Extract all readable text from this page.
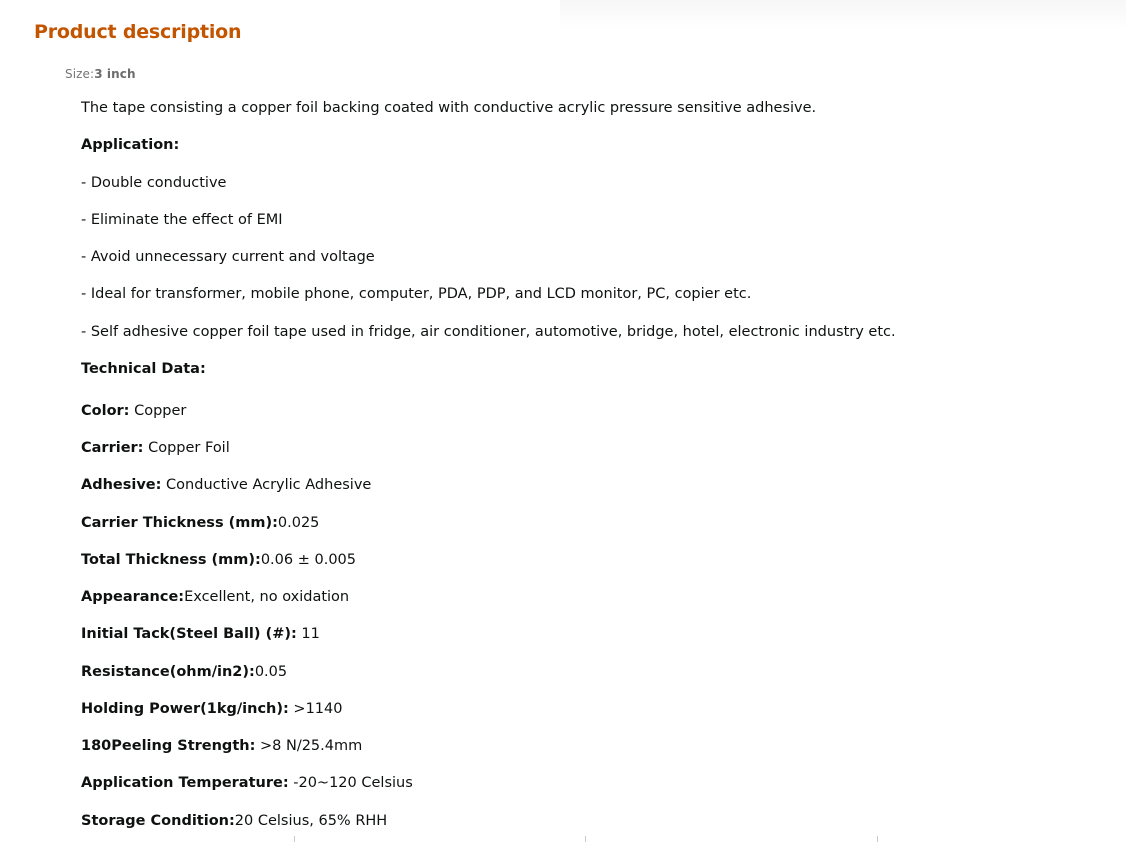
Product description
Size:3 inch

The tape consisting a copper foil backing coated with conductive acrylic pressure sensitive adhesive.

Application:

- Double conductive

- Eliminate the effect of EMI

- Avoid unnecessary current and voltage

- Ideal for transformer, mobile phone, computer, PDA, PDP, and LCD monitor, PC, copier etc.

- Self adhesive copper foil tape used in fridge, air conditioner, automotive, bridge, hotel, electronic industry etc.

Technical Data:

Color: Copper

Carrier: Copper Foil

Adhesive: Conductive Acrylic Adhesive

Carrier Thickness (mm):0.025

Total Thickness (mm):0.06 ± 0.005

Appearance:Excellent, no oxidation

Initial Tack(Steel Ball) (#): 11

Resistance(ohm/in2):0.05

Holding Power(1kg/inch): >1140

180Peeling Strength: >8 N/25.4mm

Application Temperature: -20~120 Celsius

Storage Condition:20 Celsius, 65% RHH
